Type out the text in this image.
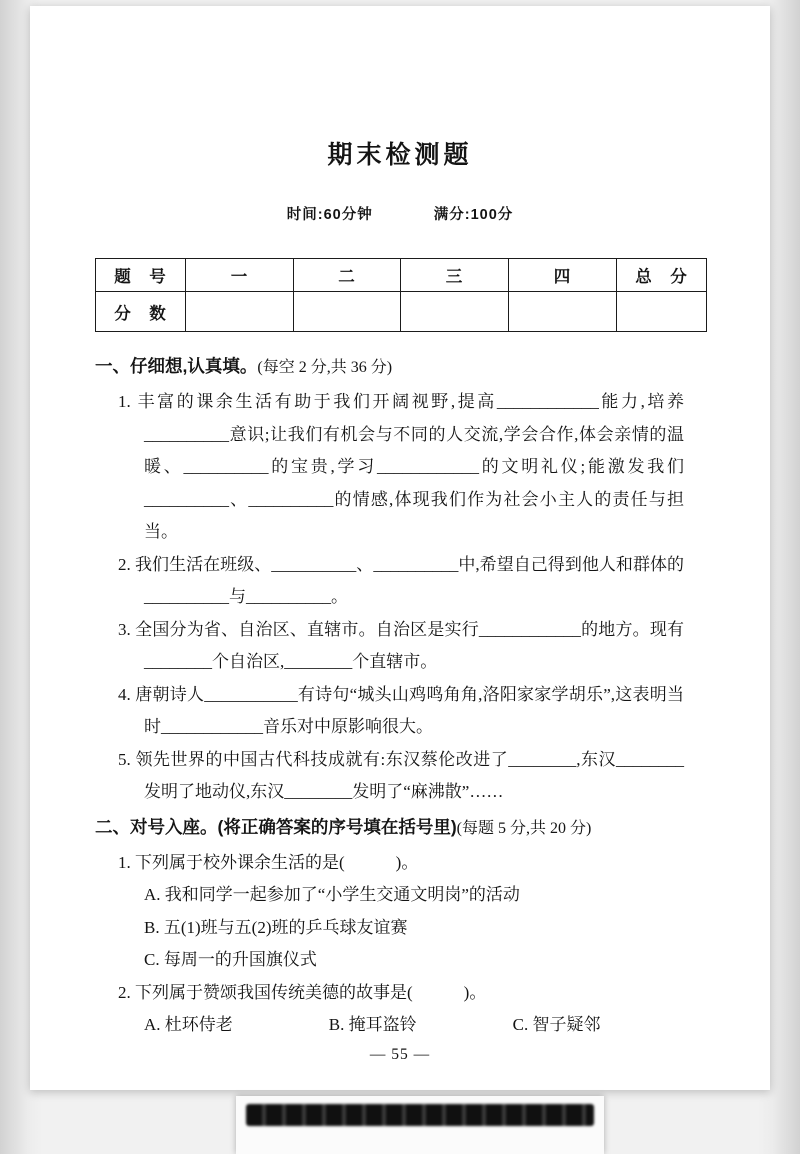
期末检测题
时间:60分钟	满分:100分
题　号	一	二	三	四	总　分
分　数					
一、仔细想,认真填。(每空 2 分,共 36 分)

1. 丰富的课余生活有助于我们开阔视野,提高____________能力,培养__________意识;让我们有机会与不同的人交流,学会合作,体会亲情的温暖、__________的宝贵,学习____________的文明礼仪;能激发我们__________、__________的情感,体现我们作为社会小主人的责任与担当。

2. 我们生活在班级、__________、__________中,希望自己得到他人和群体的__________与__________。

3. 全国分为省、自治区、直辖市。自治区是实行____________的地方。现有________个自治区,________个直辖市。

4. 唐朝诗人___________有诗句“城头山鸡鸣角角,洛阳家家学胡乐”,这表明当时____________音乐对中原影响很大。

5. 领先世界的中国古代科技成就有:东汉蔡伦改进了________,东汉________发明了地动仪,东汉________发明了“麻沸散”……

二、对号入座。(将正确答案的序号填在括号里)(每题 5 分,共 20 分)

1. 下列属于校外课余生活的是(　　　)。

A. 我和同学一起参加了“小学生交通文明岗”的活动

B. 五(1)班与五(2)班的乒乓球友谊赛

C. 每周一的升国旗仪式

2. 下列属于赞颂我国传统美德的故事是(　　　)。

A. 杜环侍老	B. 掩耳盗铃	C. 智子疑邻
— 55 —
